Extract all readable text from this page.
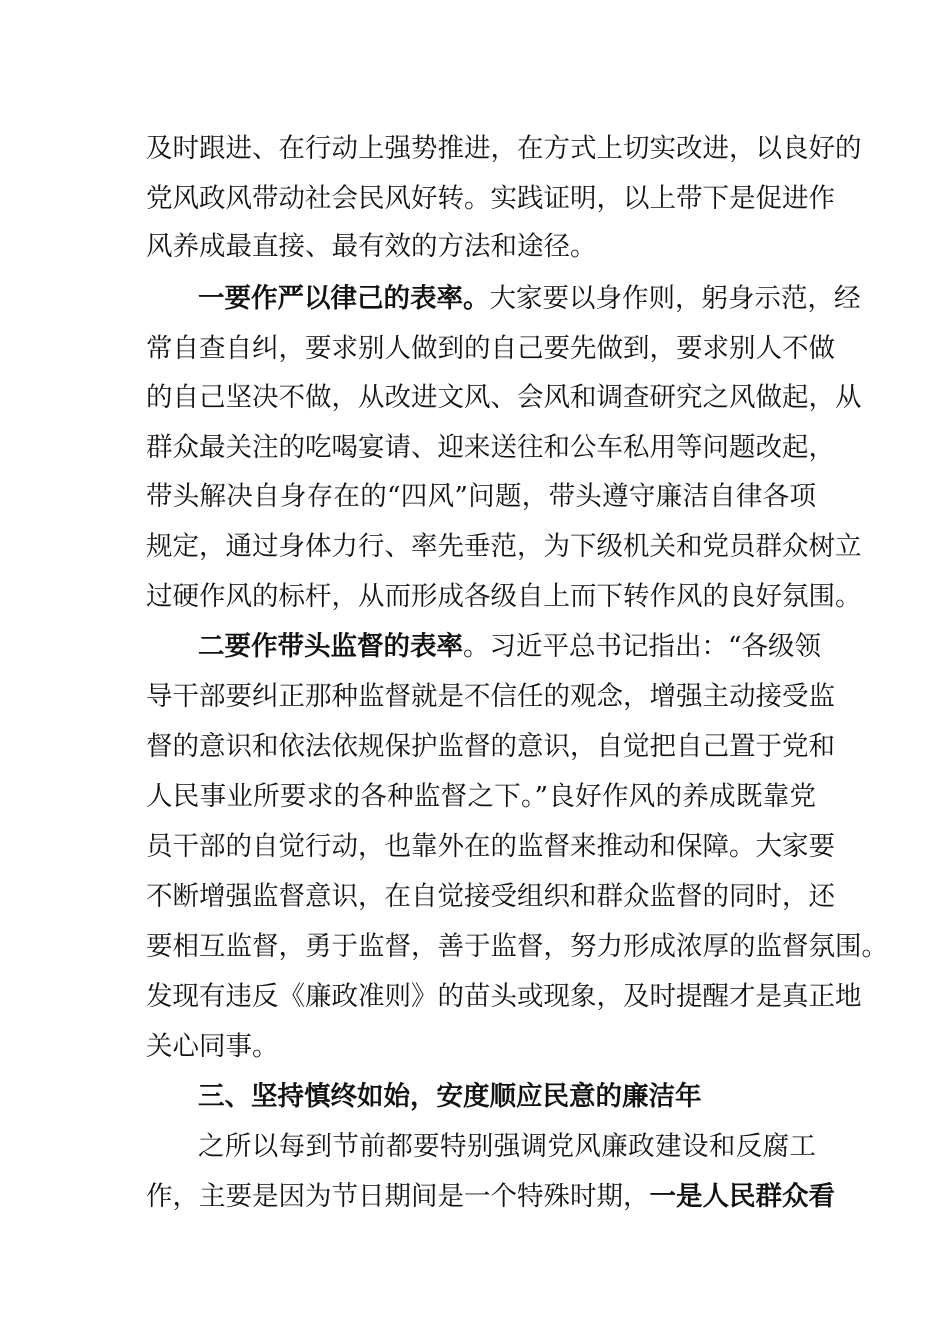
及时跟进、在行动上强势推进，在方式上切实改进，以良好的
党风政风带动社会民风好转。实践证明，以上带下是促进作
风养成最直接、最有效的方法和途径。
一要作严以律己的表率。大家要以身作则，躬身示范，经
常自查自纠，要求别人做到的自己要先做到，要求别人不做
的自己坚决不做，从改进文风、会风和调查研究之风做起，从
群众最关注的吃喝宴请、迎来送往和公车私用等问题改起，
带头解决自身存在的“四风”问题，带头遵守廉洁自律各项
规定，通过身体力行、率先垂范，为下级机关和党员群众树立
过硬作风的标杆，从而形成各级自上而下转作风的良好氛围。
二要作带头监督的表率。习近平总书记指出：“各级领
导干部要纠正那种监督就是不信任的观念，增强主动接受监
督的意识和依法依规保护监督的意识，自觉把自己置于党和
人民事业所要求的各种监督之下。”良好作风的养成既靠党
员干部的自觉行动，也靠外在的监督来推动和保障。大家要
不断增强监督意识，在自觉接受组织和群众监督的同时，还
要相互监督，勇于监督，善于监督，努力形成浓厚的监督氛围。
发现有违反《廉政准则》的苗头或现象，及时提醒才是真正地
关心同事。
三、坚持慎终如始，安度顺应民意的廉洁年
之所以每到节前都要特别强调党风廉政建设和反腐工
作，主要是因为节日期间是一个特殊时期，一是人民群众看
